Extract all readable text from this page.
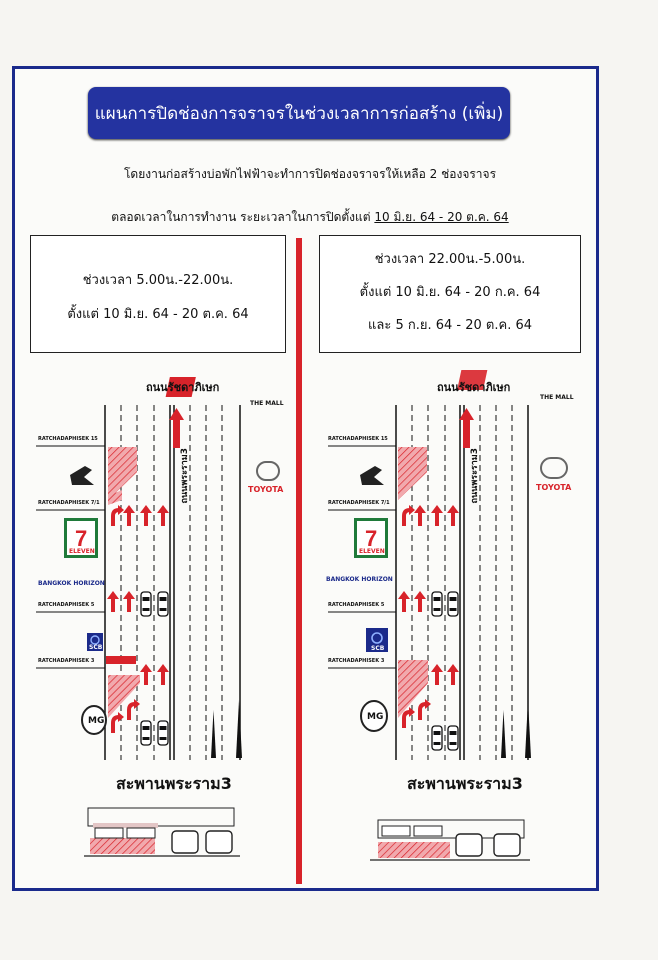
แผนการปิดช่องการจราจรในช่วงเวลาการก่อสร้าง (เพิ่ม)
โดยงานก่อสร้างบ่อพักไฟฟ้าจะทำการปิดช่องจราจรให้เหลือ 2 ช่องจราจร
ตลอดเวลาในการทำงาน ระยะเวลาในการปิดตั้งแต่ 10 มิ.ย. 64 - 20 ต.ค. 64
ช่วงเวลา 5.00น.-22.00น.
ตั้งแต่ 10 มิ.ย. 64 - 20 ต.ค. 64
ช่วงเวลา 22.00น.-5.00น.
ตั้งแต่ 10 มิ.ย. 64 - 20 ก.ค. 64
และ 5 ก.ย. 64 - 20 ต.ค. 64
7	7
ถนนรัชดาภิเษก
THE MALL
TOYOTA
ถนนพระราม3
RATCHADAPHISEK 15
RATCHADAPHISEK 7/1
RATCHADAPHISEK 5
RATCHADAPHISEK 3
ELEVEN
BANGKOK HORIZON
SCB
MG
สะพานพระราม3
ถนนรัชดาภิเษก
THE MALL
TOYOTA
ถนนพระราม3
RATCHADAPHISEK 15
RATCHADAPHISEK 7/1
RATCHADAPHISEK 5
RATCHADAPHISEK 3
ELEVEN
BANGKOK HORIZON
SCB
MG
สะพานพระราม3
